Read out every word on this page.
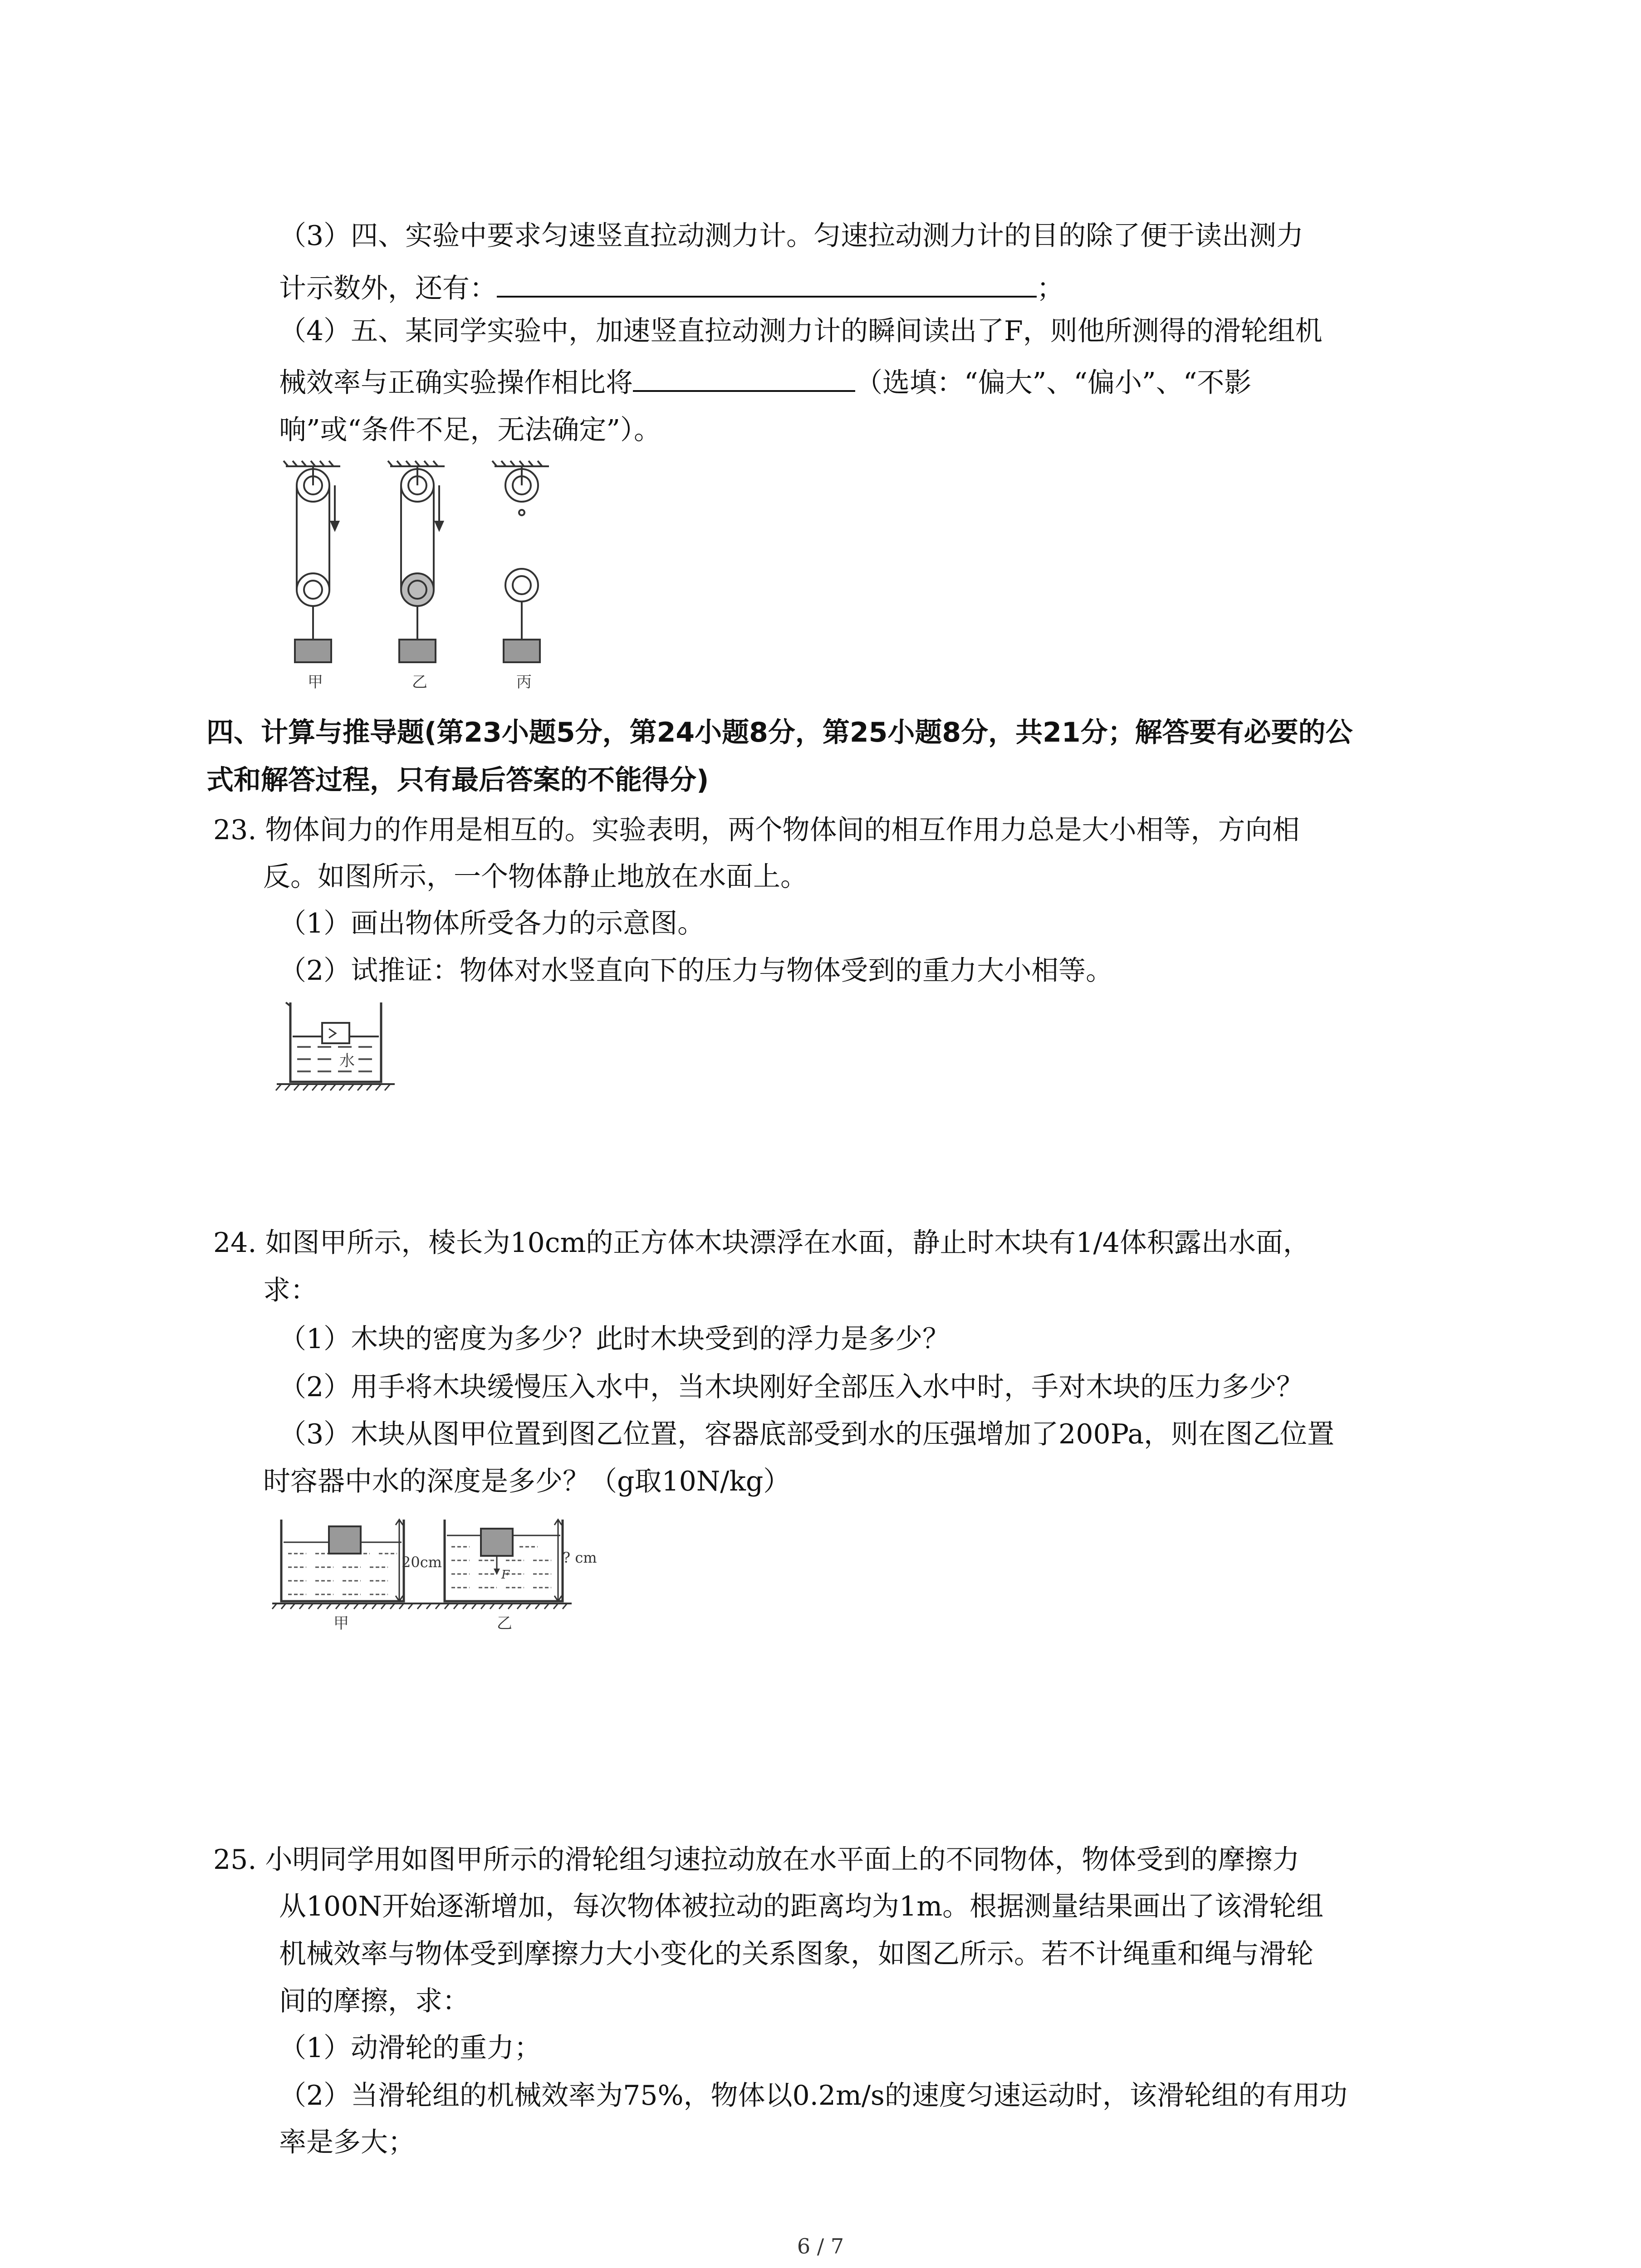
（3）四、实验中要求匀速竖直拉动测力计。匀速拉动测力计的目的除了便于读出测力
计示数外，还有：	；
（4）五、某同学实验中，加速竖直拉动测力计的瞬间读出了F，则他所测得的滑轮组机
械效率与正确实验操作相比将	（选填：“偏大”、“偏小”、“不影
响”或“条件不足，无法确定”）。
甲	乙	丙
四、计算与推导题(第23小题5分，第24小题8分，第25小题8分，共21分；解答要有必要的公
式和解答过程，只有最后答案的不能得分)
23. 物体间力的作用是相互的。实验表明，两个物体间的相互作用力总是大小相等，方向相
反。如图所示，一个物体静止地放在水面上。
（1）画出物体所受各力的示意图。
（2）试推证：物体对水竖直向下的压力与物体受到的重力大小相等。
水
24. 如图甲所示，棱长为10cm的正方体木块漂浮在水面，静止时木块有1/4体积露出水面，
求：
（1）木块的密度为多少？此时木块受到的浮力是多少？
（2）用手将木块缓慢压入水中，当木块刚好全部压入水中时，手对木块的压力多少？
（3）木块从图甲位置到图乙位置，容器底部受到水的压强增加了200Pa，则在图乙位置
时容器中水的深度是多少？（g取10N/kg）
20cm
F
? cm
甲	乙
25. 小明同学用如图甲所示的滑轮组匀速拉动放在水平面上的不同物体，物体受到的摩擦力
从100N开始逐渐增加，每次物体被拉动的距离均为1m。根据测量结果画出了该滑轮组
机械效率与物体受到摩擦力大小变化的关系图象，如图乙所示。若不计绳重和绳与滑轮
间的摩擦，求：
（1）动滑轮的重力；
（2）当滑轮组的机械效率为75%，物体以0.2m/s的速度匀速运动时，该滑轮组的有用功
率是多大；
6 / 7
